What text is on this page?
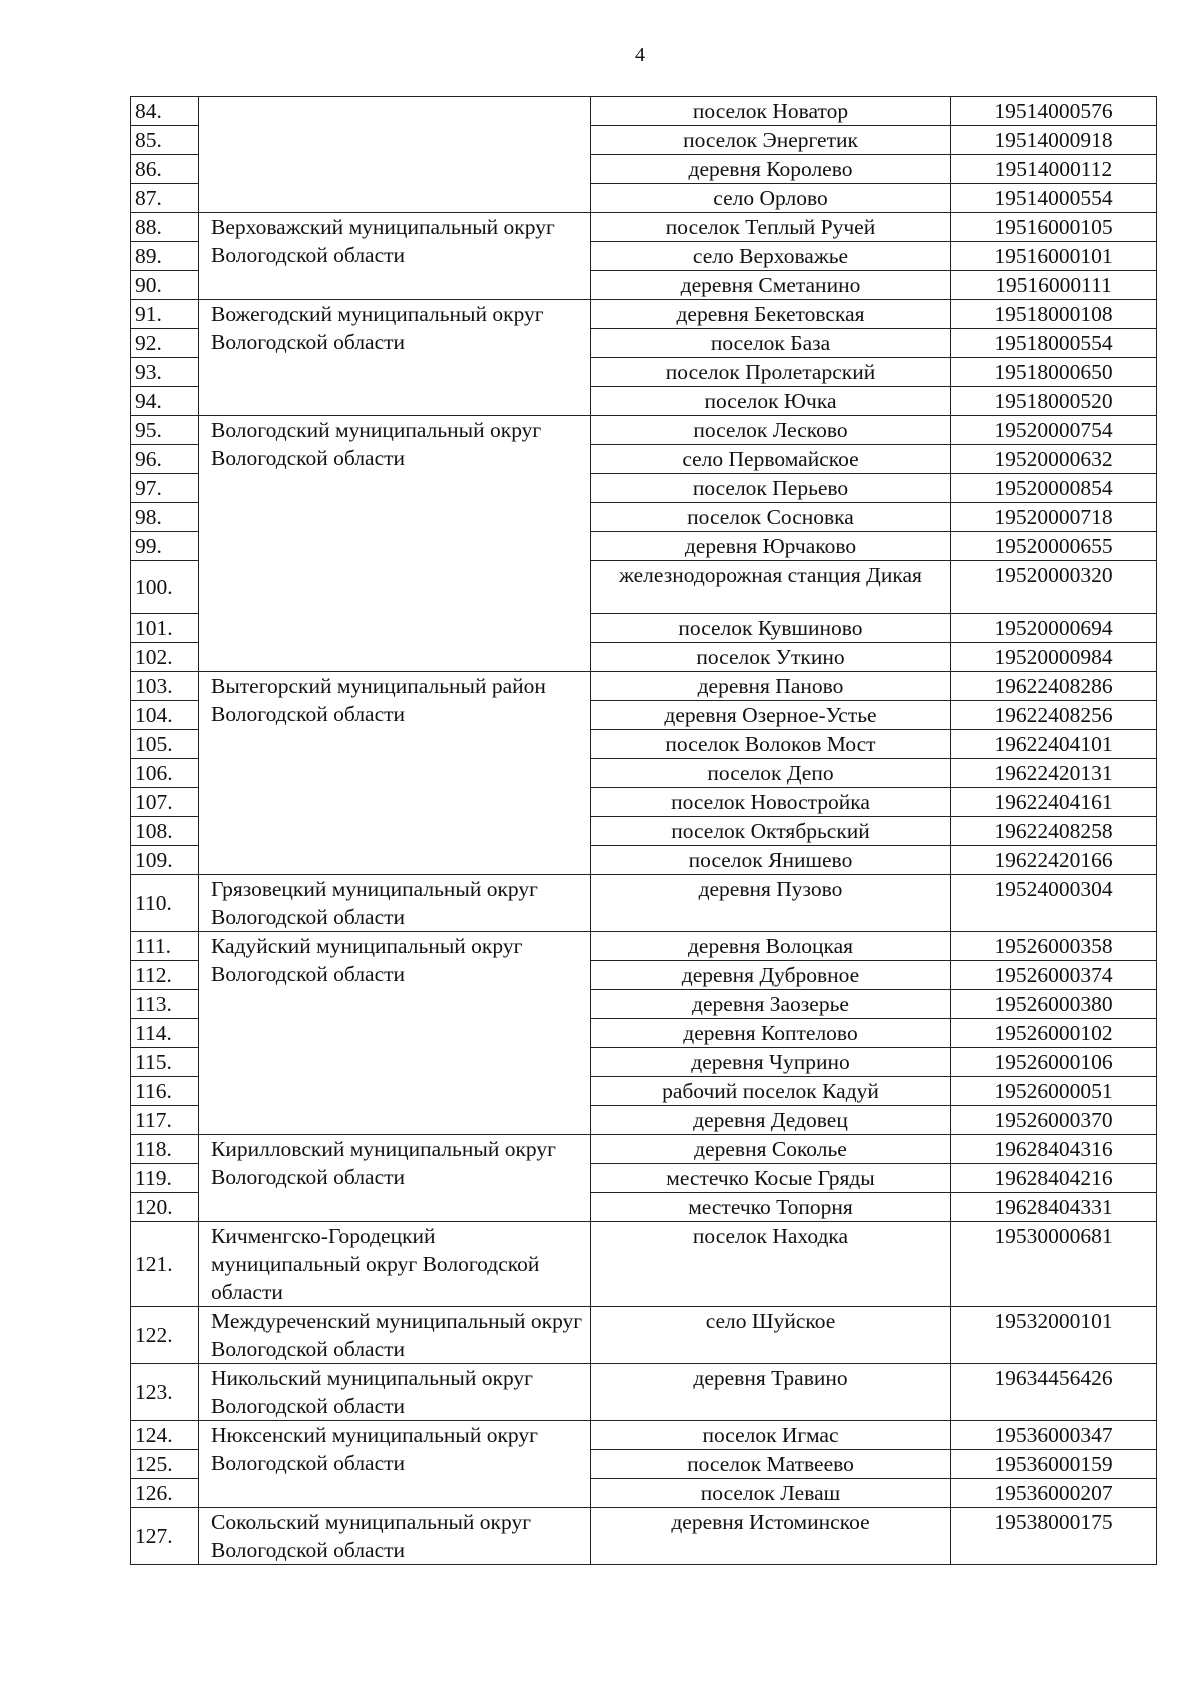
4
84.		поселок Новатор	19514000576
85.		поселок Энергетик	19514000918
86.		деревня Королево	19514000112
87.		село Орлово	19514000554
88.	Верховажский муниципальный округ Вологодской области	поселок Теплый Ручей	19516000105
89.		село Верховажье	19516000101
90.		деревня Сметанино	19516000111
91.	Вожегодский муниципальный округ Вологодской области	деревня Бекетовская	19518000108
92.		поселок База	19518000554
93.		поселок Пролетарский	19518000650
94.		поселок Ючка	19518000520
95.	Вологодский муниципальный округ Вологодской области	поселок Лесково	19520000754
96.		село Первомайское	19520000632
97.		поселок Перьево	19520000854
98.		поселок Сосновка	19520000718
99.		деревня Юрчаково	19520000655
100.		железнодорожная станция Дикая	19520000320
101.		поселок Кувшиново	19520000694
102.		поселок Уткино	19520000984
103.	Вытегорский муниципальный район Вологодской области	деревня Паново	19622408286
104.		деревня Озерное-Устье	19622408256
105.		поселок Волоков Мост	19622404101
106.		поселок Депо	19622420131
107.		поселок Новостройка	19622404161
108.		поселок Октябрьский	19622408258
109.		поселок Янишево	19622420166
110.	Грязовецкий муниципальный округ Вологодской области	деревня Пузово	19524000304
111.	Кадуйский муниципальный округ Вологодской области	деревня Волоцкая	19526000358
112.		деревня Дубровное	19526000374
113.		деревня Заозерье	19526000380
114.		деревня Коптелово	19526000102
115.		деревня Чуприно	19526000106
116.		рабочий поселок Кадуй	19526000051
117.		деревня Дедовец	19526000370
118.	Кирилловский муниципальный округ Вологодской области	деревня Соколье	19628404316
119.		местечко Косые Гряды	19628404216
120.		местечко Топорня	19628404331
121.	Кичменгско-Городецкий муниципальный округ Вологодской области	поселок Находка	19530000681
122.	Междуреченский муниципальный округ Вологодской области	село Шуйское	19532000101
123.	Никольский муниципальный округ Вологодской области	деревня Травино	19634456426
124.	Нюксенский муниципальный округ Вологодской области	поселок Игмас	19536000347
125.		поселок Матвеево	19536000159
126.		поселок Леваш	19536000207
127.	Сокольский муниципальный округ Вологодской области	деревня Истоминское	19538000175
